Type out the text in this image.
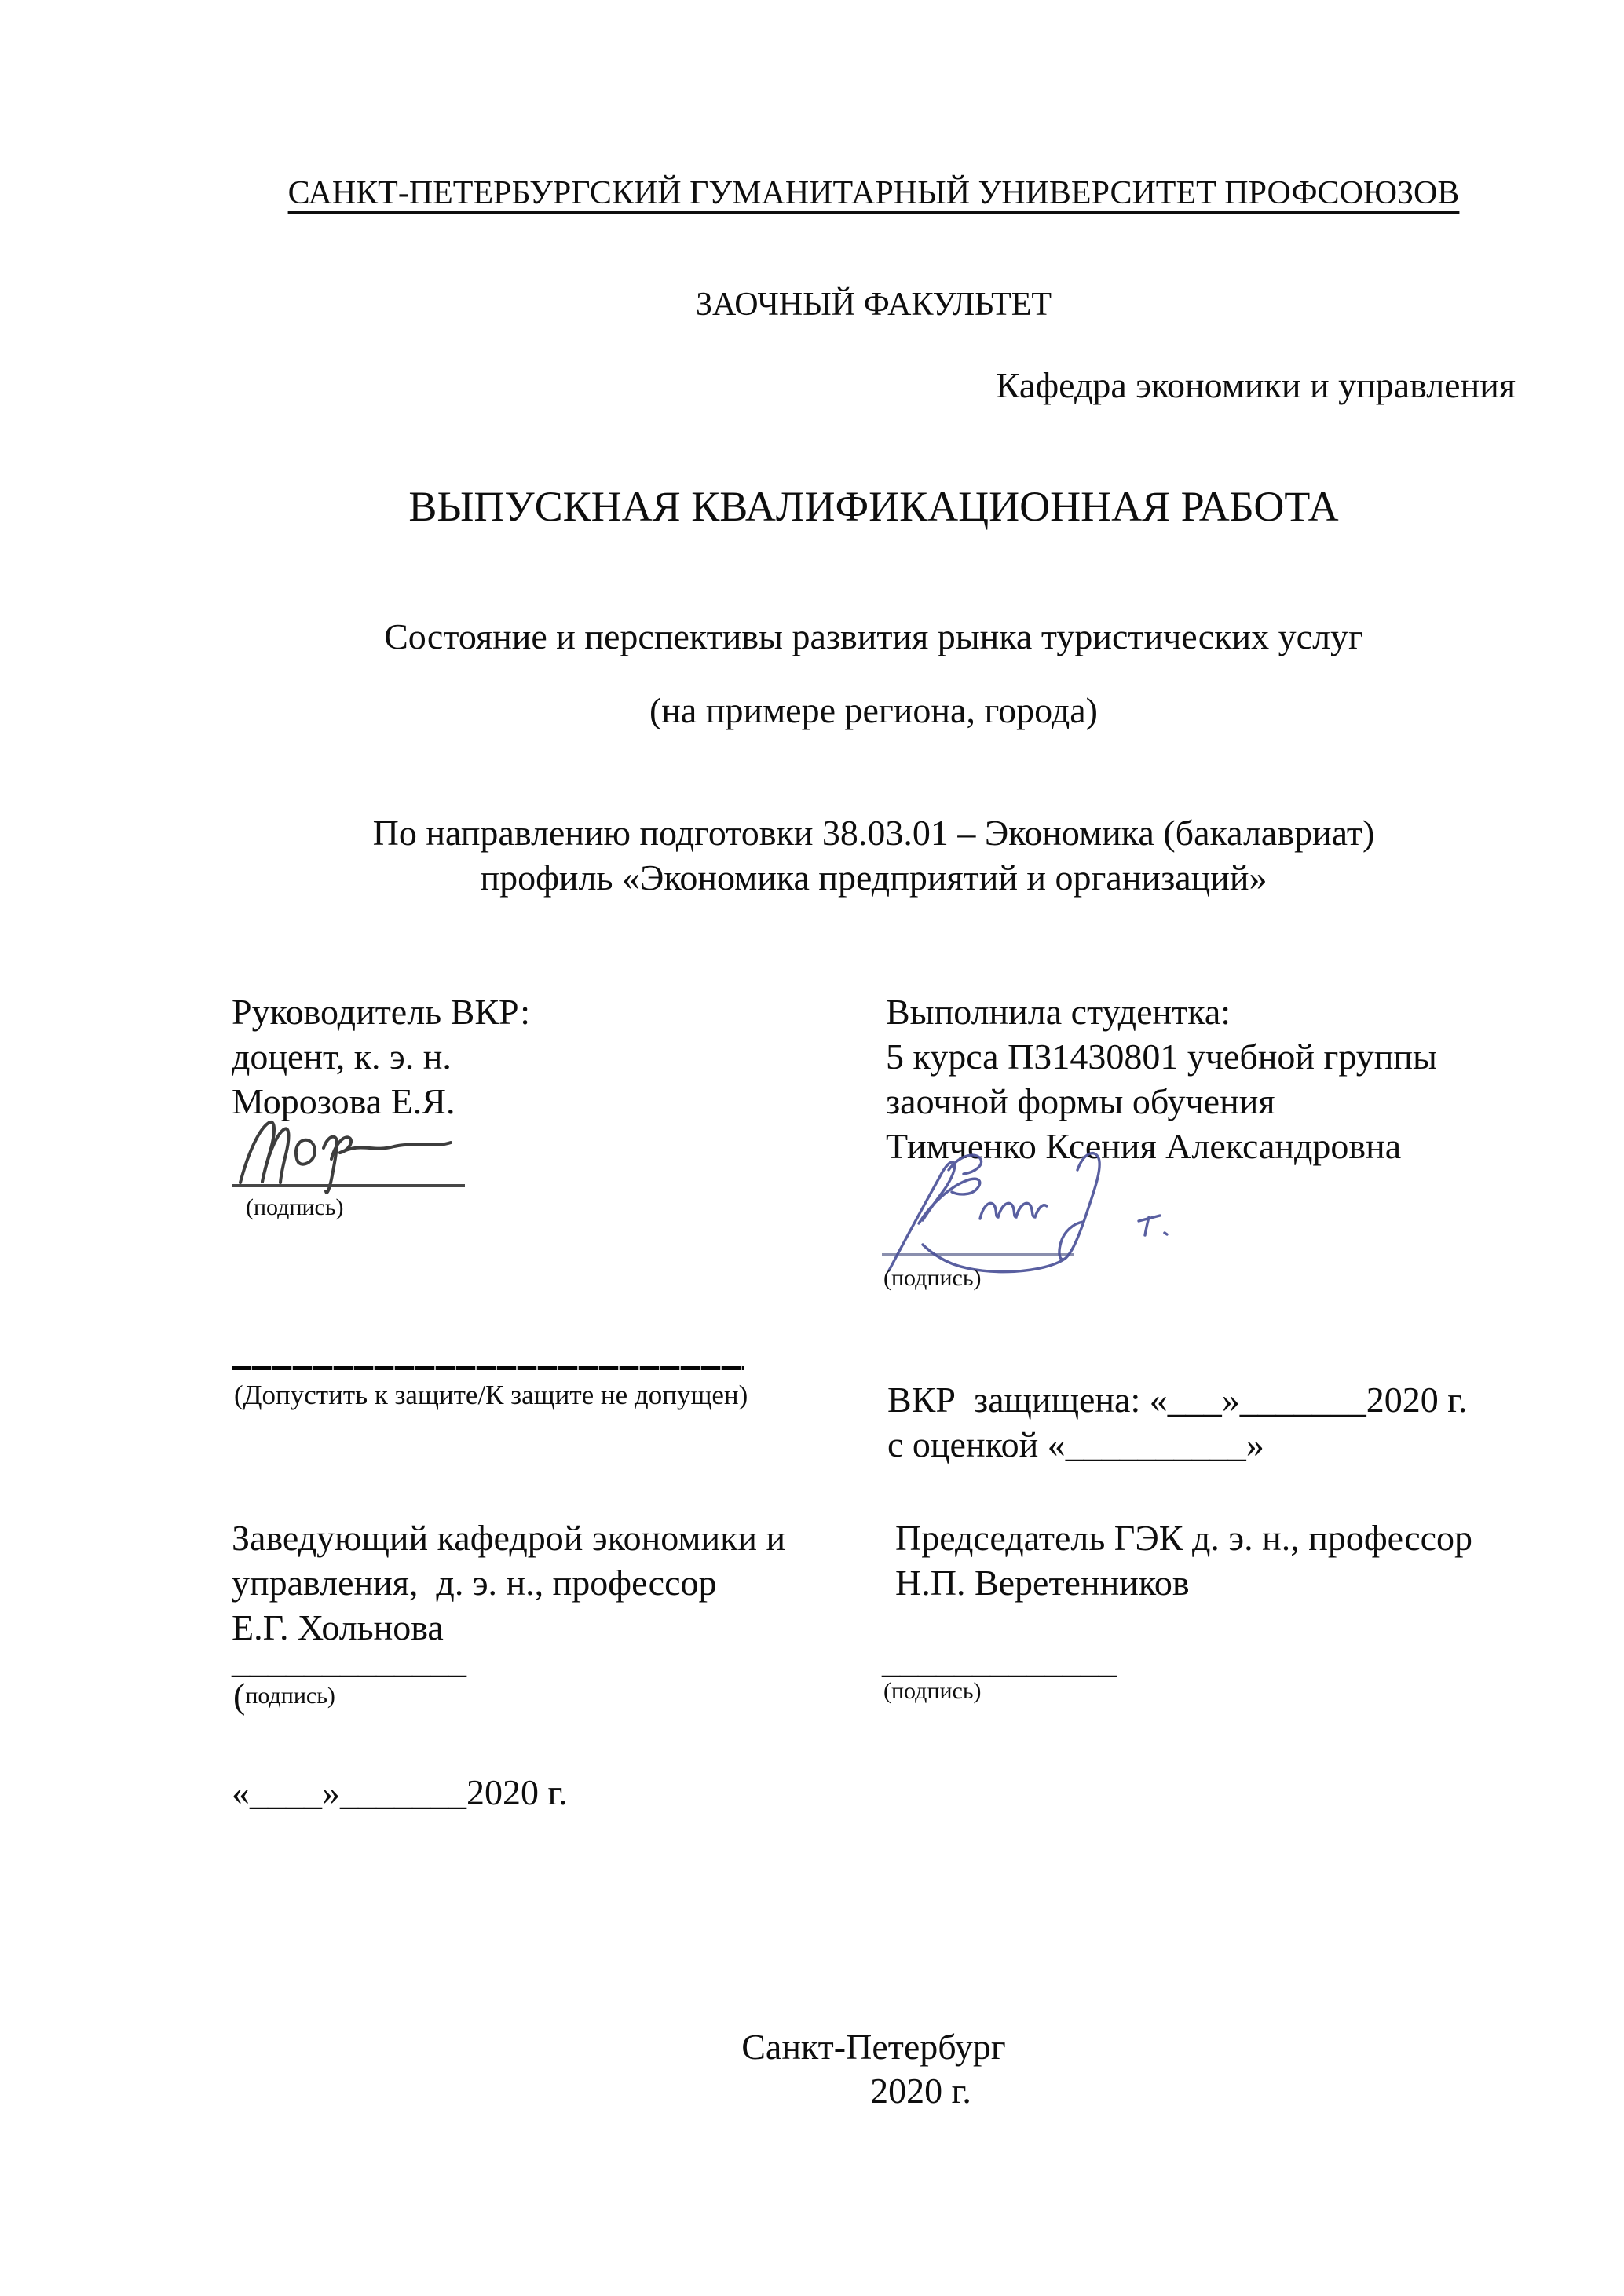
САНКТ-ПЕТЕРБУРГСКИЙ ГУМАНИТАРНЫЙ УНИВЕРСИТЕТ ПРОФСОЮЗОВ
ЗАОЧНЫЙ ФАКУЛЬТЕТ
Кафедра экономики и управления
ВЫПУСКНАЯ КВАЛИФИКАЦИОННАЯ РАБОТА
Состояние и перспективы развития рынка туристических услуг
(на примере региона, города)
По направлению подготовки 38.03.01 – Экономика (бакалавриат)
профиль «Экономика предприятий и организаций»
Руководитель ВКР:
доцент, к. э. н.
Морозова Е.Я.
(подпись)
Выполнила студентка:
5 курса ПЗ1430801 учебной группы
заочной формы обучения
Тимченко Ксения Александровна
(подпись)
(Допустить к защите/К защите не допущен)	ВКР  защищена: «___»_______2020 г.
с оценкой «__________»
Заведующий кафедрой экономики и
управления,  д. э. н., профессор
Е.Г. Хольнова
Председатель ГЭК д. э. н., профессор
Н.П. Веретенников
_____________	_____________
(подпись)	(подпись)
«____»_______2020 г.
Санкт-Петербург
2020 г.
